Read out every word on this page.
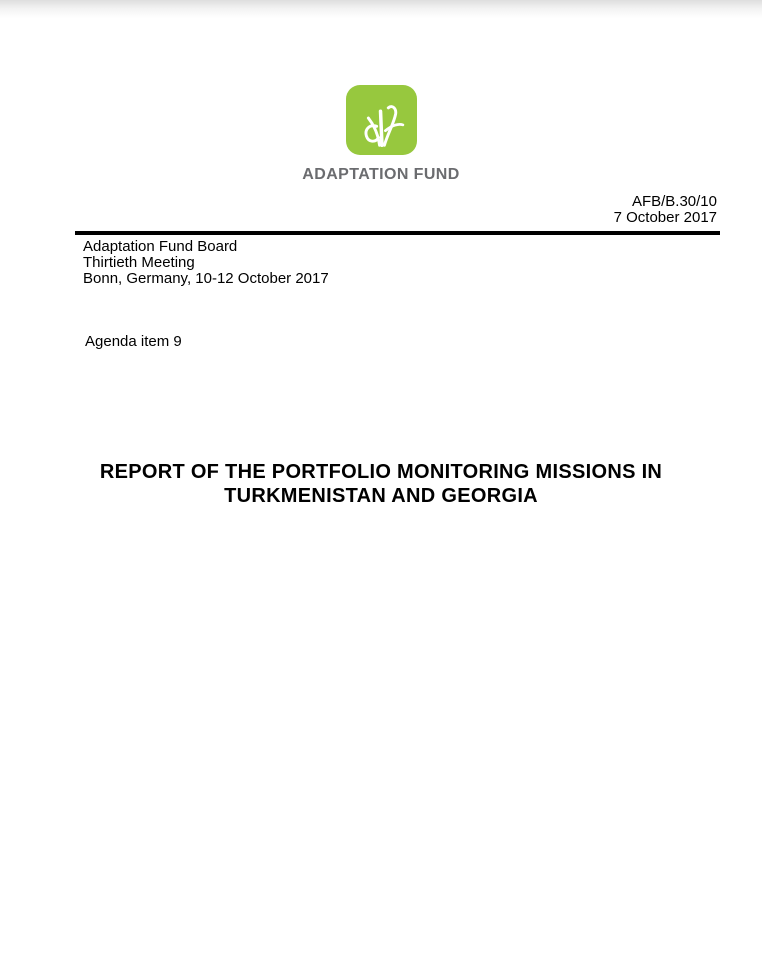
ADAPTATION FUND
AFB/B.30/10
7 October 2017
Adaptation Fund Board
Thirtieth Meeting
Bonn, Germany, 10-12 October 2017
Agenda item 9
REPORT OF THE PORTFOLIO MONITORING MISSIONS IN
TURKMENISTAN AND GEORGIA
